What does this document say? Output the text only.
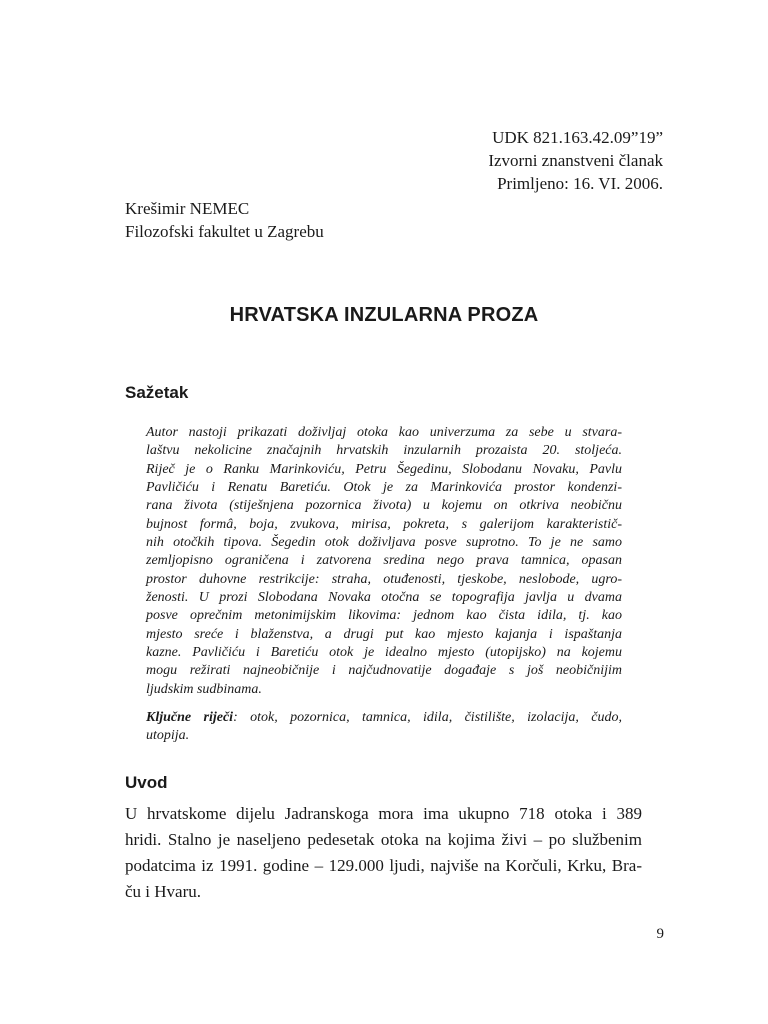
UDK 821.163.42.09”19”
Izvorni znanstveni članak
Primljeno: 16. VI. 2006.
Krešimir NEMEC
Filozofski fakultet u Zagrebu
HRVATSKA INZULARNA PROZA
Sažetak
Autor nastoji prikazati doživljaj otoka kao univerzuma za sebe u stvara-
laštvu nekolicine značajnih hrvatskih inzularnih prozaista 20. stoljeća.
Riječ je o Ranku Marinkoviću, Petru Šegedinu, Slobodanu Novaku, Pavlu
Pavličiću i Renatu Baretiću. Otok je za Marinkovića prostor kondenzi-
rana života (stiješnjena pozornica života) u kojemu on otkriva neobičnu
bujnost formâ, boja, zvukova, mirisa, pokreta, s galerijom karakteristič-
nih otočkih tipova. Šegedin otok doživljava posve suprotno. To je ne samo
zemljopisno ograničena i zatvorena sredina nego prava tamnica, opasan
prostor duhovne restrikcije: straha, otuđenosti, tjeskobe, neslobode, ugro-
ženosti. U prozi Slobodana Novaka otočna se topografija javlja u dvama
posve oprečnim metonimijskim likovima: jednom kao čista idila, tj. kao
mjesto sreće i blaženstva, a drugi put kao mjesto kajanja i ispaštanja
kazne. Pavličiću i Baretiću otok je idealno mjesto (utopijsko) na kojemu
mogu režirati najneobičnije i najčudnovatije događaje s još neobičnijim
ljudskim sudbinama.
Ključne riječi: otok, pozornica, tamnica, idila, čistilište, izolacija, čudo,
utopija.
Uvod
U hrvatskome dijelu Jadranskoga mora ima ukupno 718 otoka i 389
hridi. Stalno je naseljeno pedesetak otoka na kojima živi – po službenim
podatcima iz 1991. godine – 129.000 ljudi, najviše na Korčuli, Krku, Bra-
ču i Hvaru.
9
